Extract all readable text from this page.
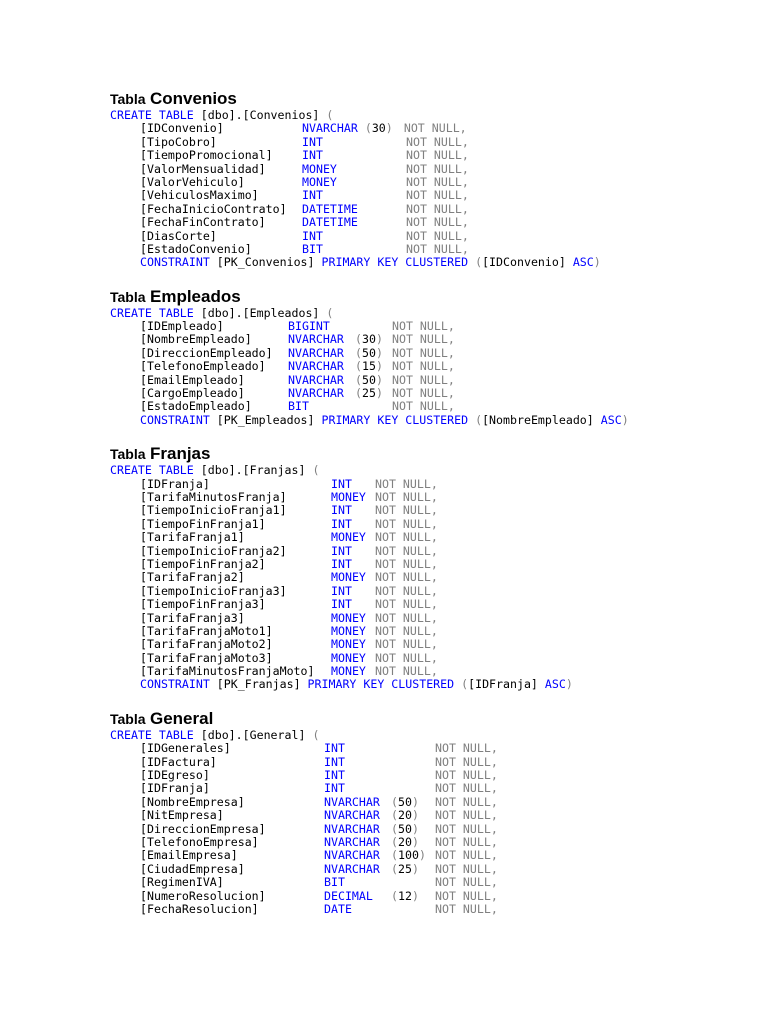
Tabla Convenios
CREATE TABLE [dbo].[Convenios] (
[IDConvenio]	NVARCHAR (30) NOT NULL,
[TipoCobro]	INT	NOT NULL,
[TiempoPromocional]	INT	NOT NULL,
[ValorMensualidad]	MONEY	NOT NULL,
[ValorVehiculo]	MONEY	NOT NULL,
[VehiculosMaximo]	INT	NOT NULL,
[FechaInicioContrato] DATETIME	NOT NULL,
[FechaFinContrato]	DATETIME	NOT NULL,
[DiasCorte]	INT	NOT NULL,
[EstadoConvenio]	BIT	NOT NULL,
CONSTRAINT [PK_Convenios] PRIMARY KEY CLUSTERED ([IDConvenio] ASC)
Tabla Empleados
CREATE TABLE [dbo].[Empleados] (
[IDEmpleado]	BIGINT	NOT NULL,
[NombreEmpleado]	NVARCHAR (30) NOT NULL,
[DireccionEmpleado] NVARCHAR (50) NOT NULL,
[TelefonoEmpleado] NVARCHAR (15) NOT NULL,
[EmailEmpleado]	NVARCHAR (50) NOT NULL,
[CargoEmpleado]	NVARCHAR (25) NOT NULL,
[EstadoEmpleado]	BIT	NOT NULL,
CONSTRAINT [PK_Empleados] PRIMARY KEY CLUSTERED ([NombreEmpleado] ASC)
Tabla Franjas
CREATE TABLE [dbo].[Franjas] (
[IDFranja]	INT NOT NULL,
[TarifaMinutosFranja]	MONEY NOT NULL,
[TiempoInicioFranja1]	INT NOT NULL,
[TiempoFinFranja1]	INT NOT NULL,
[TarifaFranja1]	MONEY NOT NULL,
[TiempoInicioFranja2]	INT NOT NULL,
[TiempoFinFranja2]	INT NOT NULL,
[TarifaFranja2]	MONEY NOT NULL,
[TiempoInicioFranja3]	INT NOT NULL,
[TiempoFinFranja3]	INT NOT NULL,
[TarifaFranja3]	MONEY NOT NULL,
[TarifaFranjaMoto1]	MONEY NOT NULL,
[TarifaFranjaMoto2]	MONEY NOT NULL,
[TarifaFranjaMoto3]	MONEY NOT NULL,
[TarifaMinutosFranjaMoto] MONEY NOT NULL,
CONSTRAINT [PK_Franjas] PRIMARY KEY CLUSTERED ([IDFranja] ASC)
Tabla General
CREATE TABLE [dbo].[General] (
[IDGenerales]	INT	NOT NULL,
[IDFactura]	INT	NOT NULL,
[IDEgreso]	INT	NOT NULL,
[IDFranja]	INT	NOT NULL,
[NombreEmpresa]	NVARCHAR (50) NOT NULL,
[NitEmpresa]	NVARCHAR (20) NOT NULL,
[DireccionEmpresa]	NVARCHAR (50) NOT NULL,
[TelefonoEmpresa]	NVARCHAR (20) NOT NULL,
[EmailEmpresa]	NVARCHAR (100) NOT NULL,
[CiudadEmpresa]	NVARCHAR (25) NOT NULL,
[RegimenIVA]	BIT	NOT NULL,
[NumeroResolucion]	DECIMAL (12) NOT NULL,
[FechaResolucion]	DATE	NOT NULL,
